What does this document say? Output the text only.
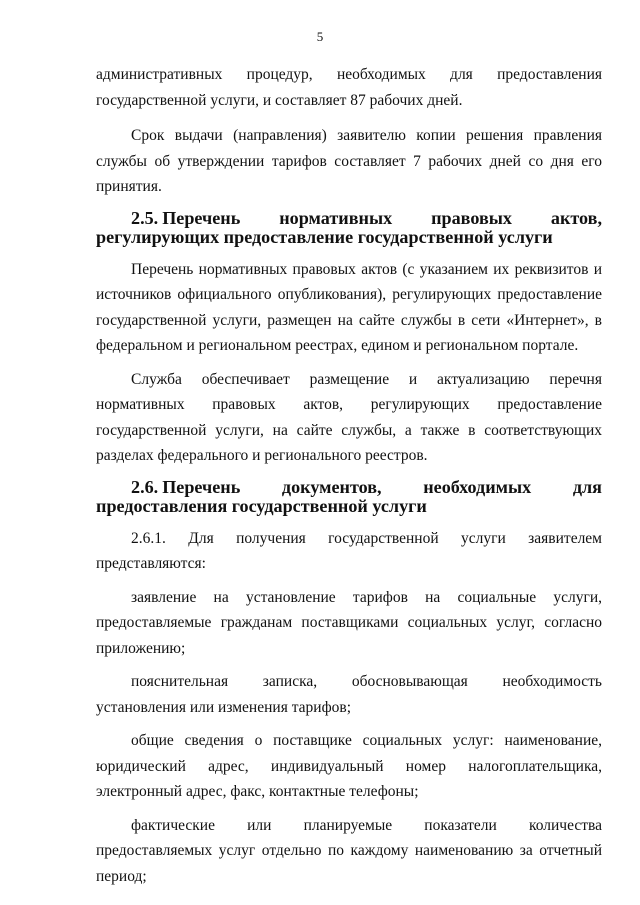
5

административных процедур, необходимых для предоставления государственной услуги, и составляет 87 рабочих дней.

Срок выдачи (направления) заявителю копии решения правления службы об утверждении тарифов составляет 7 рабочих дней со дня его принятия.

2.5. Перечень нормативных правовых актов, регулирующих предоставление государственной услуги

Перечень нормативных правовых актов (с указанием их реквизитов и источников официального опубликования), регулирующих предоставление государственной услуги, размещен на сайте службы в сети «Интернет», в федеральном и региональном реестрах, едином и региональном портале.

Служба обеспечивает размещение и актуализацию перечня нормативных правовых актов, регулирующих предоставление государственной услуги, на сайте службы, а также в соответствующих разделах федерального и регионального реестров.

2.6. Перечень документов, необходимых для предоставления государственной услуги

2.6.1. Для получения государственной услуги заявителем представляются:

заявление на установление тарифов на социальные услуги, предоставляемые гражданам поставщиками социальных услуг, согласно приложению;

пояснительная записка, обосновывающая необходимость установления или изменения тарифов;

общие сведения о поставщике социальных услуг: наименование, юридический адрес, индивидуальный номер налогоплательщика, электронный адрес, факс, контактные телефоны;

фактические или планируемые показатели количества предоставляемых услуг отдельно по каждому наименованию за отчетный период;
